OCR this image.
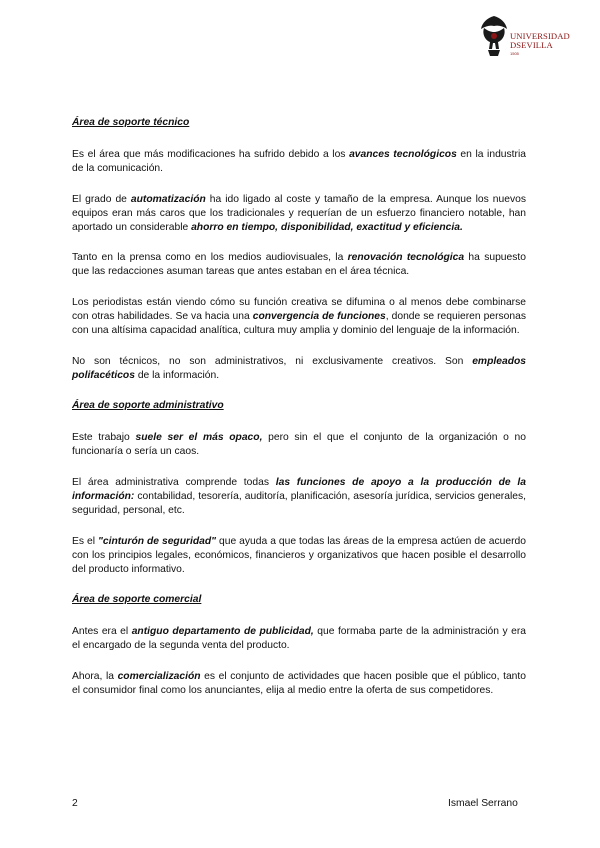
UNIVERSIDAD
DSEVILLA
1505
Área de soporte técnico

Es el área que más modificaciones ha sufrido debido a los avances tecnológicos en la industria de la comunicación.

El grado de automatización ha ido ligado al coste y tamaño de la empresa. Aunque los nuevos equipos eran más caros que los tradicionales y requerían de un esfuerzo financiero notable, han aportado un considerable ahorro en tiempo, disponibilidad, exactitud y eficiencia.

Tanto en la prensa como en los medios audiovisuales, la renovación tecnológica ha supuesto que las redacciones asuman tareas que antes estaban en el área técnica.

Los periodistas están viendo cómo su función creativa se difumina o al menos debe combinarse con otras habilidades. Se va hacia una convergencia de funciones, donde se requieren personas con una altísima capacidad analítica, cultura muy amplia y dominio del lenguaje de la información.

No son técnicos, no son administrativos, ni exclusivamente creativos. Son empleados polifacéticos de la información.

Área de soporte administrativo

Este trabajo suele ser el más opaco, pero sin el que el conjunto de la organización o no funcionaría o sería un caos.

El área administrativa comprende todas las funciones de apoyo a la producción de la información: contabilidad, tesorería, auditoría, planificación, asesoría jurídica, servicios generales, seguridad, personal, etc.

Es el "cinturón de seguridad" que ayuda a que todas las áreas de la empresa actúen de acuerdo con los principios legales, económicos, financieros y organizativos que hacen posible el desarrollo del producto informativo.

Área de soporte comercial

Antes era el antiguo departamento de publicidad, que formaba parte de la administración y era el encargado de la segunda venta del producto.

Ahora, la comercialización es el conjunto de actividades que hacen posible que el público, tanto el consumidor final como los anunciantes, elija al medio entre la oferta de sus competidores.

2	Ismael Serrano
